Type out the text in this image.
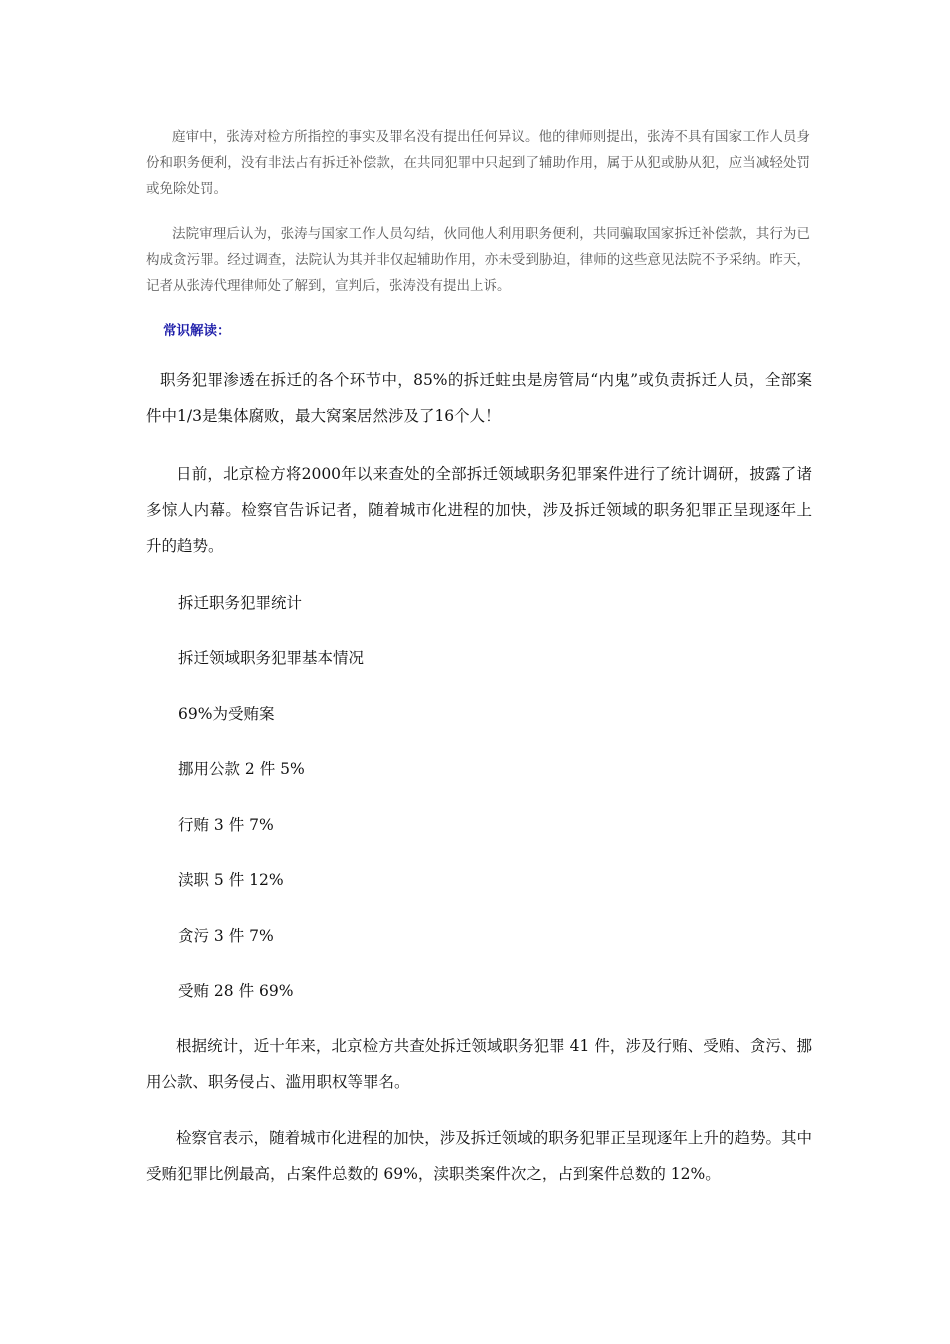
庭审中，张涛对检方所指控的事实及罪名没有提出任何异议。他的律师则提出，张涛不具有国家工作人员身份和职务便利，没有非法占有拆迁补偿款，在共同犯罪中只起到了辅助作用，属于从犯或胁从犯，应当减轻处罚或免除处罚。

法院审理后认为，张涛与国家工作人员勾结，伙同他人利用职务便利，共同骗取国家拆迁补偿款，其行为已构成贪污罪。经过调查，法院认为其并非仅起辅助作用，亦未受到胁迫，律师的这些意见法院不予采纳。昨天，记者从张涛代理律师处了解到，宣判后，张涛没有提出上诉。

常识解读：

职务犯罪渗透在拆迁的各个环节中，85%的拆迁蛀虫是房管局“内鬼”或负责拆迁人员，全部案件中1/3是集体腐败，最大窝案居然涉及了16个人！

日前，北京检方将2000年以来查处的全部拆迁领域职务犯罪案件进行了统计调研，披露了诸多惊人内幕。检察官告诉记者，随着城市化进程的加快，涉及拆迁领域的职务犯罪正呈现逐年上升的趋势。

拆迁职务犯罪统计

拆迁领域职务犯罪基本情况

69%为受贿案

挪用公款 2 件 5%

行贿 3 件 7%

渎职 5 件 12%

贪污 3 件 7%

受贿 28 件 69%

根据统计，近十年来，北京检方共查处拆迁领域职务犯罪 41 件，涉及行贿、受贿、贪污、挪用公款、职务侵占、滥用职权等罪名。

检察官表示，随着城市化进程的加快，涉及拆迁领域的职务犯罪正呈现逐年上升的趋势。其中受贿犯罪比例最高，占案件总数的 69%，渎职类案件次之，占到案件总数的 12%。
